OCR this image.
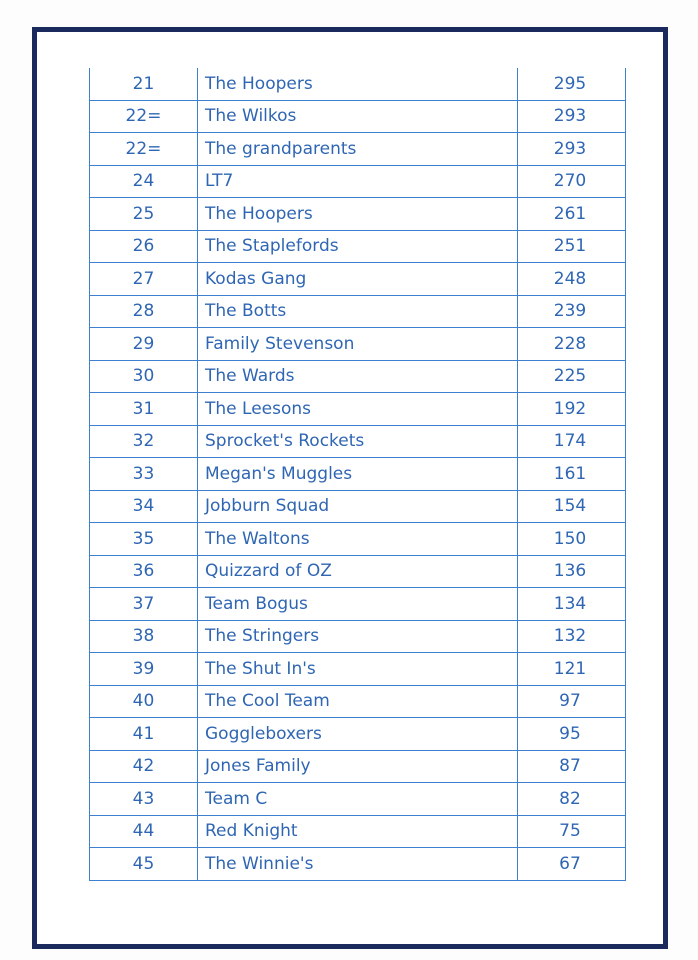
21	The Hoopers	295
22=	The Wilkos	293
22=	The grandparents	293
24	LT7	270
25	The Hoopers	261
26	The Staplefords	251
27	Kodas Gang	248
28	The Botts	239
29	Family Stevenson	228
30	The Wards	225
31	The Leesons	192
32	Sprocket's Rockets	174
33	Megan's Muggles	161
34	Jobburn Squad	154
35	The Waltons	150
36	Quizzard of OZ	136
37	Team Bogus	134
38	The Stringers	132
39	The Shut In's	121
40	The Cool Team	97
41	Goggleboxers	95
42	Jones Family	87
43	Team C	82
44	Red Knight	75
45	The Winnie's	67
